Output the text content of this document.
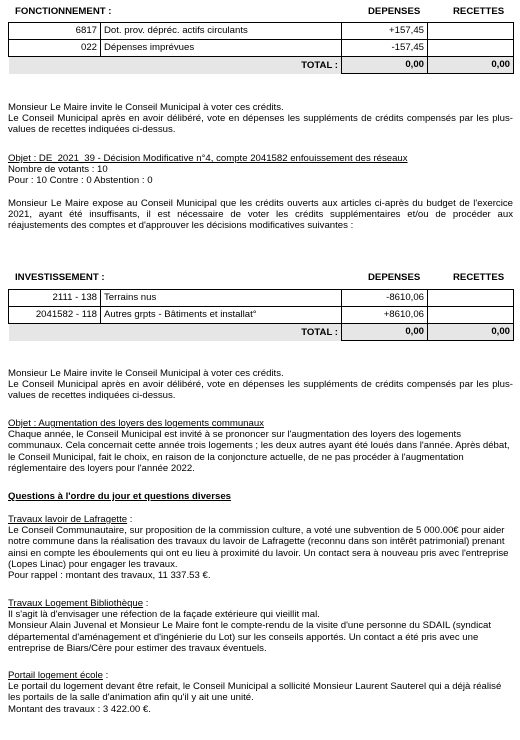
FONCTIONNEMENT :	DEPENSES	RECETTES
6817	Dot. prov. dépréc. actifs circulants	+157,45	
022	Dépenses imprévues	-157,45	
TOTAL :		0,00	0,00

Monsieur Le Maire invite le Conseil Municipal à voter ces crédits.
Le Conseil Municipal après en avoir délibéré, vote en dépenses les suppléments de crédits compensés par les plus-values de recettes indiquées ci-dessus.

Objet : DE_2021_39 - Décision Modificative n°4, compte 2041582 enfouissement des réseaux
Nombre de votants : 10
Pour : 10 Contre : 0 Abstention : 0

Monsieur Le Maire expose au Conseil Municipal que les crédits ouverts aux articles ci-après du budget de l'exercice 2021, ayant été insuffisants, il est nécessaire de voter les crédits supplémentaires et/ou de procéder aux réajustements des comptes et d'approuver les décisions modificatives suivantes :

INVESTISSEMENT :	DEPENSES	RECETTES
2111 - 138	Terrains nus	-8610,06	
2041582 - 118	Autres grpts - Bâtiments et installat°	+8610,06	
TOTAL :		0,00	0,00

Monsieur Le Maire invite le Conseil Municipal à voter ces crédits.
Le Conseil Municipal après en avoir délibéré, vote en dépenses les suppléments de crédits compensés par les plus-values de recettes indiquées ci-dessus.

Objet : Augmentation des loyers des logements communaux
Chaque année, le Conseil Municipal est invité à se prononcer sur l'augmentation des loyers des logements communaux. Cela concernait cette année trois logements ; les deux autres ayant été loués dans l'année. Après débat, le Conseil Municipal, fait le choix, en raison de la conjoncture actuelle, de ne pas procéder à l'augmentation réglementaire des loyers pour l'année 2022.

Questions à l'ordre du jour et questions diverses

Travaux lavoir de Lafragette :
Le Conseil Communautaire, sur proposition de la commission culture, a voté une subvention de 5 000.00€ pour aider notre commune dans la réalisation des travaux du lavoir de Lafragette (reconnu dans son intêrêt patrimonial) prenant ainsi en compte les éboulements qui ont eu lieu à proximité du lavoir. Un contact sera à nouveau pris avec l'entreprise (Lopes Linac) pour engager les travaux.
Pour rappel : montant des travaux, 11 337.53 €.

Travaux Logement Bibliothèque :
Il s'agit là d'envisager une réfection de la façade extérieure qui vieillit mal.
Monsieur Alain Juvenal et Monsieur Le Maire font le compte-rendu de la visite d'une personne du SDAIL (syndicat départemental d'aménagement et d'ingénierie du Lot) sur les conseils apportés. Un contact a été pris avec une entreprise de Biars/Cère pour estimer des travaux éventuels.

Portail logement école :
Le portail du logement devant être refait, le Conseil Municipal a sollicité Monsieur Laurent Sauterel qui a déjà réalisé les portails de la salle d'animation afin qu'il y ait une unité.
Montant des travaux : 3 422.00 €.
